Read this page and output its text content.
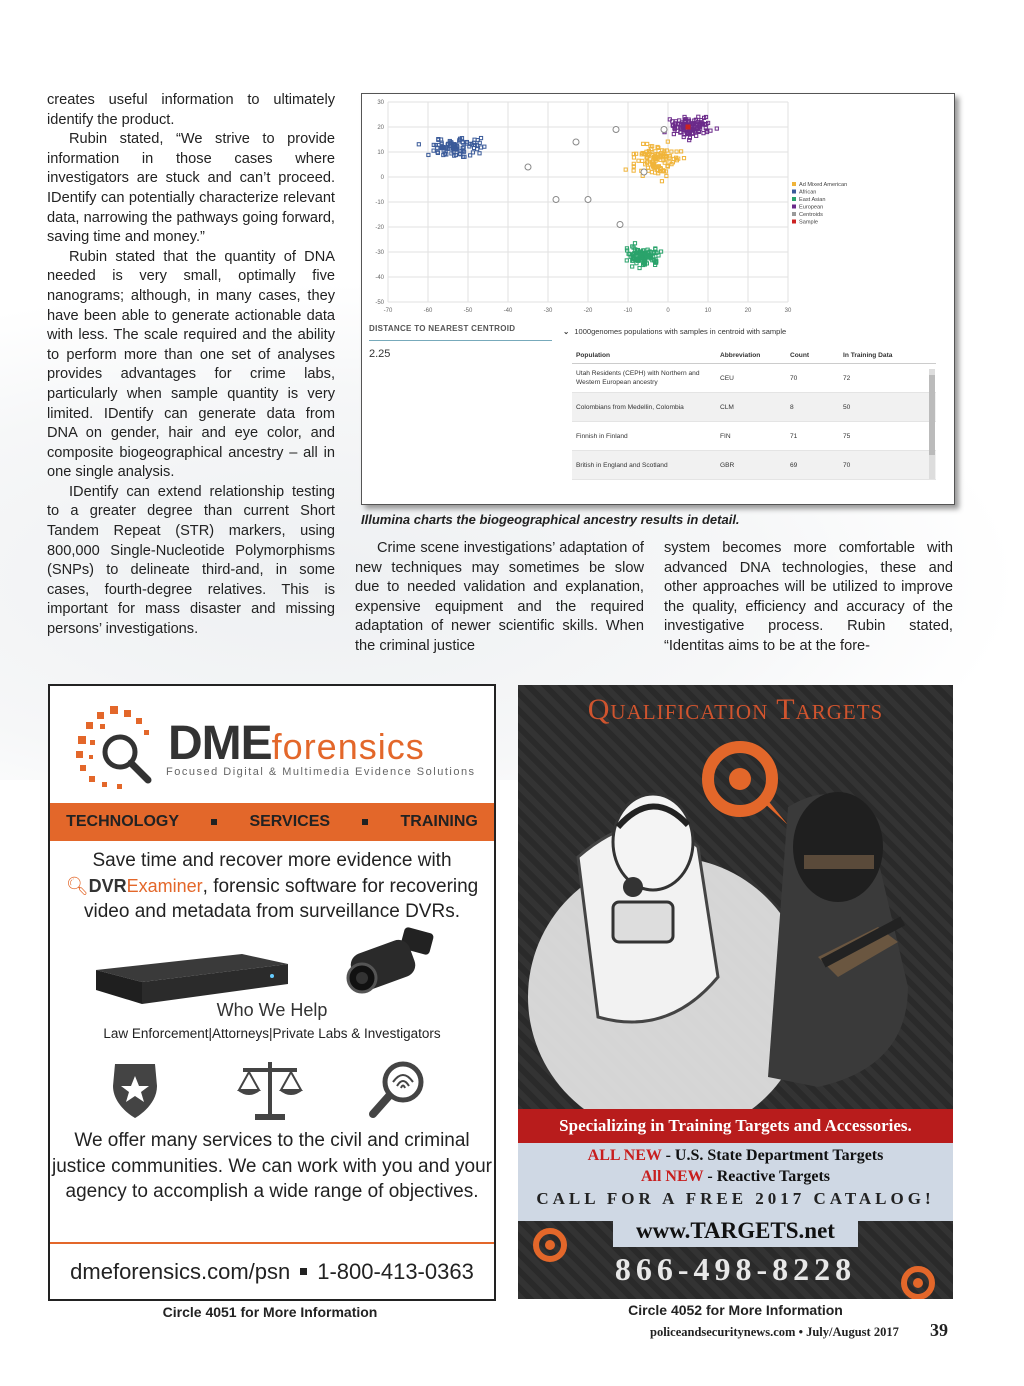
creates useful information to ultimately identify the product.

Rubin stated, “We strive to provide information in those cases where investigators are stuck and can’t proceed. IDentify can potentially characterize relevant data, narrowing the pathways going forward, saving time and money.”

Rubin stated that the quantity of DNA needed is very small, optimally five nanograms; although, in many cases, they have been able to generate actionable data with less. The scale required and the ability to perform more than one set of analyses provides advantages for crime labs, particularly when sample quantity is very limited. IDentify can generate data from DNA on gender, hair and eye color, and composite biogeographical ancestry – all in one single analysis.

IDentify can extend relationship testing to a greater degree than current Short Tandem Repeat (STR) markers, using 800,000 Single-Nucleotide Polymorphisms (SNPs) to delineate third-and, in some cases, fourth-degree relatives. This is important for mass disaster and missing persons’ investigations.

-70	-60	-50	-40	-30	-20	-10	0	10	20	30
30
20
10
0
-10
-20
-30
-40
-50
Ad Mixed American
African
East Asian
European
Centroids
Sample
DISTANCE TO NEAREST CENTROID
2.25
⌄ 1000genomes populations with samples in centroid with sample
Population	Abbreviation	Count	In Training Data
Utah Residents (CEPH) with Northern and Western European ancestry	CEU	70	72
Colombians from Medellin, Colombia	CLM	8	50
Finnish in Finland	FIN	71	75
British in England and Scotland	GBR	69	70
Illumina charts the biogeographical ancestry results in detail.

Crime scene investigations’ adaptation of new techniques may sometimes be slow due to needed validation and explanation, expensive equipment and the required adaptation of newer scientific skills. When the criminal justice

system becomes more comfortable with advanced DNA technologies, these and other approaches will be utilized to improve the quality, efficiency and accuracy of the investigative process. Rubin stated, “Identitas aims to be at the fore-

DMEforensics
Focused Digital & Multimedia Evidence Solutions
TECHNOLOGY	SERVICES	TRAINING
Save time and recover more evidence with
🔍︎DVRExaminer, forensic software for recovering video and metadata from surveillance DVRs.
Who We Help
Law Enforcement|Attorneys|Private Labs & Investigators
We offer many services to the civil and criminal justice communities. We can work with you and your agency to accomplish a wide range of objectives.
dmeforensics.com/psn 1-800-413-0363
Circle 4051 for More Information
Qualification Targets
Specializing in Training Targets and Accessories.
ALL NEW - U.S. State Department Targets
All NEW - Reactive Targets
CALL FOR A FREE 2017 CATALOG!
www.TARGETS.net
866-498-8228
Circle 4052 for More Information
policeandsecuritynews.com • July/August 2017 39
